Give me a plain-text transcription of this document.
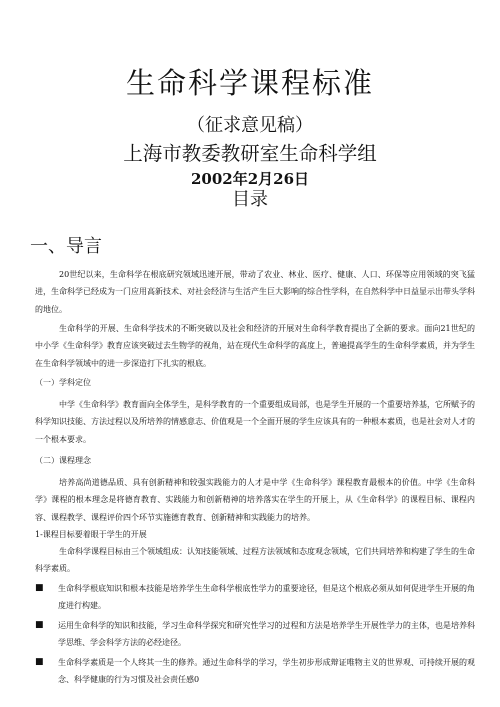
生命科学课程标准
（征求意见稿）
上海市教委教研室生命科学组
2002年2月26日
目录
一、导言
20世纪以来，生命科学在根底研究领域迅速开展，带动了农业、林业、医疗、健康、人口、环保等应用领域的突飞猛进，生命科学已经成为一门应用高新技术、对社会经济与生活产生巨大影响的综合性学科，在自然科学中日益显示出带头学科的地位。
生命科学的开展、生命科学技术的不断突破以及社会和经济的开展对生命科学教育提出了全新的要求。面向21世纪的中小学《生命科学》教育应该突破过去生物学的视角，站在现代生命科学的高度上，普遍提高学生的生命科学素质，并为学生在生命科学领域中的进一步深造打下扎实的根底。
（一）学科定位
中学《生命科学》教育面向全体学生，是科学教育的一个重要组成局部，也是学生开展的一个重要培养基，它所赋予的科学知识技能、方法过程以及所培养的情感意志、价值观是一个全面开展的学生应该具有的一种根本素质，也是社会对人才的一个根本要求。
（二）课程理念
培养高尚道德品质、具有创新精神和较强实践能力的人才是中学《生命科学》课程教育最根本的价值。中学《生命科学》课程的根本理念是将德育教育、实践能力和创新精神的培养落实在学生的开展上，从《生命科学》的课程目标、课程内容、课程教学、课程评价四个环节实施德育教育、创新精神和实践能力的培养。
1-课程目标要着眼于学生的开展
生命科学课程目标由三个领域组成：认知技能领域、过程方法领域和态度观念领域，它们共同培养和构建了学生的生命科学素质。
■ 生命科学根底知识和根本技能是培养学生生命科学根底性学力的重要途径，但是这个根底必须从如何促进学生开展的角度进行构建。
■ 运用生命科学的知识和技能，学习生命科学探究和研究性学习的过程和方法是培养学生开展性学力的主体，也是培养科学思维、学会科学方法的必经途径。
■ 生命科学素质是一个人终其一生的修养。通过生命科学的学习，学生初步形成辩证唯物主义的世界观、可持续开展的观念、科学健康的行为习惯及社会责任感0
